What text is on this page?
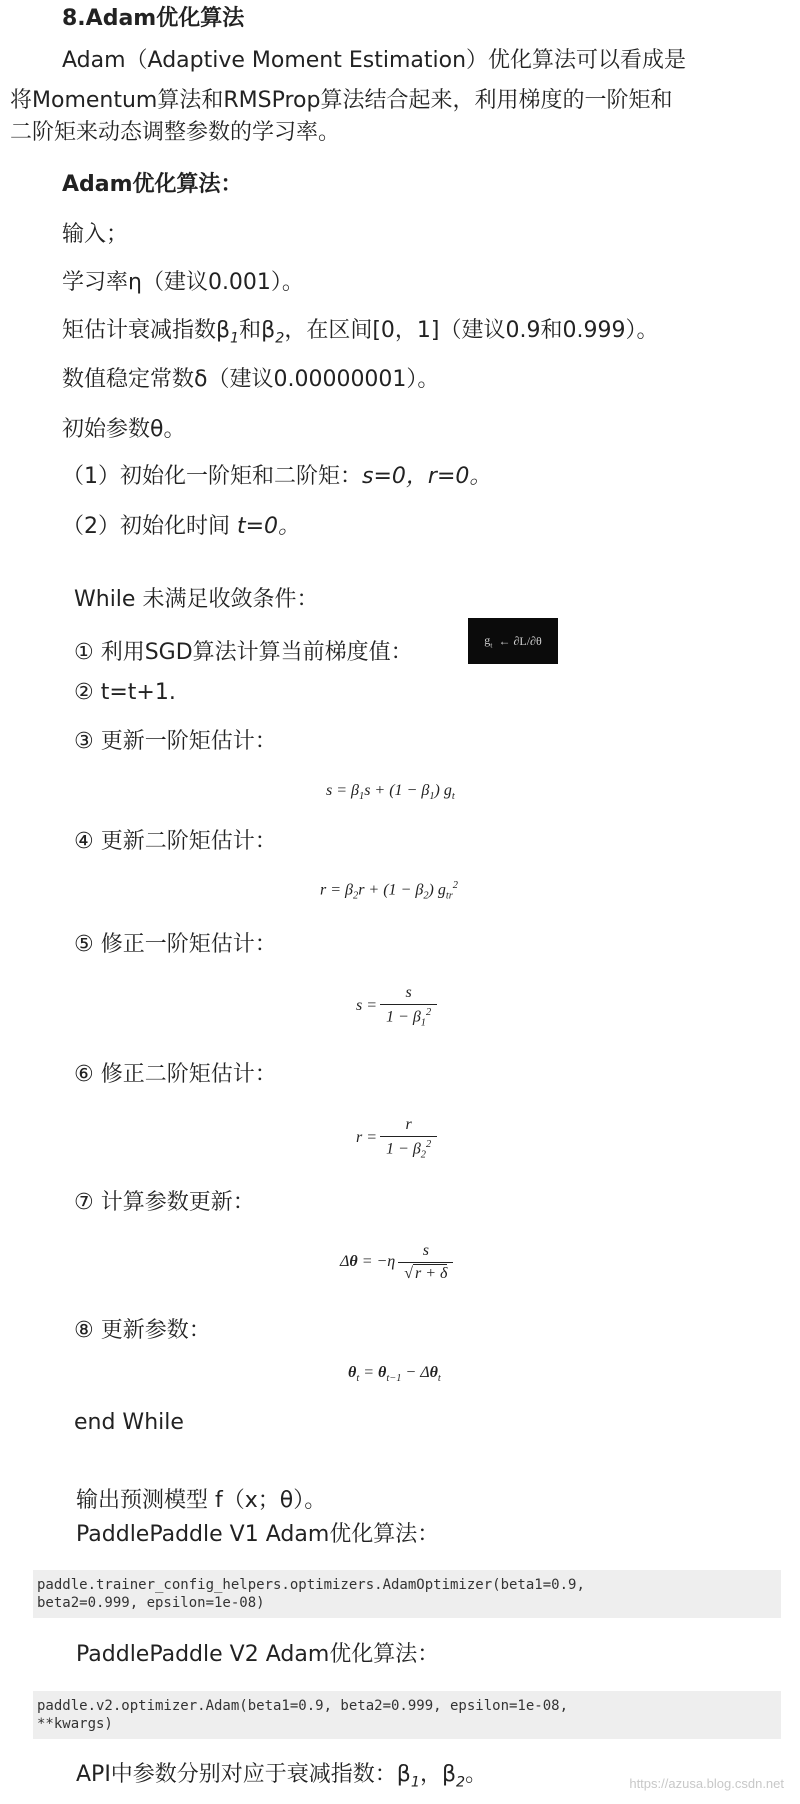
8.Adam优化算法
Adam（Adaptive Moment Estimation）优化算法可以看成是
将Momentum算法和RMSProp算法结合起来，利用梯度的一阶矩和
二阶矩来动态调整参数的学习率。
Adam优化算法：
输入；
学习率η（建议0.001）。
矩估计衰减指数$\beta_1$和$\beta_2$，在区间[0，1]（建议0.9和0.999）。
数值稳定常数δ（建议0.00000001）。
初始参数θ。
（1）初始化一阶矩和二阶矩：s=0，r=0。
（2）初始化时间 t=0。
While 未满足收敛条件：
① 利用SGD算法计算当前梯度值：
$g_t$ ← ∂L/∂θ
② t=t+1.
③ 更新一阶矩估计：
$s = \beta_1s + (1 - \beta_1)$ $g_t$
④ 更新二阶矩估计：
$r = \beta_2r + (1 - \beta_2)$ $g_{tr}^2$
⑤ 修正一阶矩估计：
$s = \frac{s}{1 - \beta_1^2}$
⑥ 修正二阶矩估计：
$r = \frac{r}{1 - \beta_2^2}$
⑦ 计算参数更新：
$\Delta\theta = -\eta \frac{s}{√ r + \delta}$
⑧ 更新参数：
$\theta_t = \theta_{t-1} - \Delta\theta_t$
end While
输出预测模型 f（x；θ）。
PaddlePaddle V1 Adam优化算法：
paddle.trainer_config_helpers.optimizers.AdamOptimizer(beta1=0.9,
beta2=0.999, epsilon=1e-08)
PaddlePaddle V2 Adam优化算法：
paddle.v2.optimizer.Adam(beta1=0.9, beta2=0.999, epsilon=1e-08,
**kwargs)
API中参数分别对应于衰减指数：$\beta_1$，$\beta_2$。	https://azusa.blog.csdn.net
